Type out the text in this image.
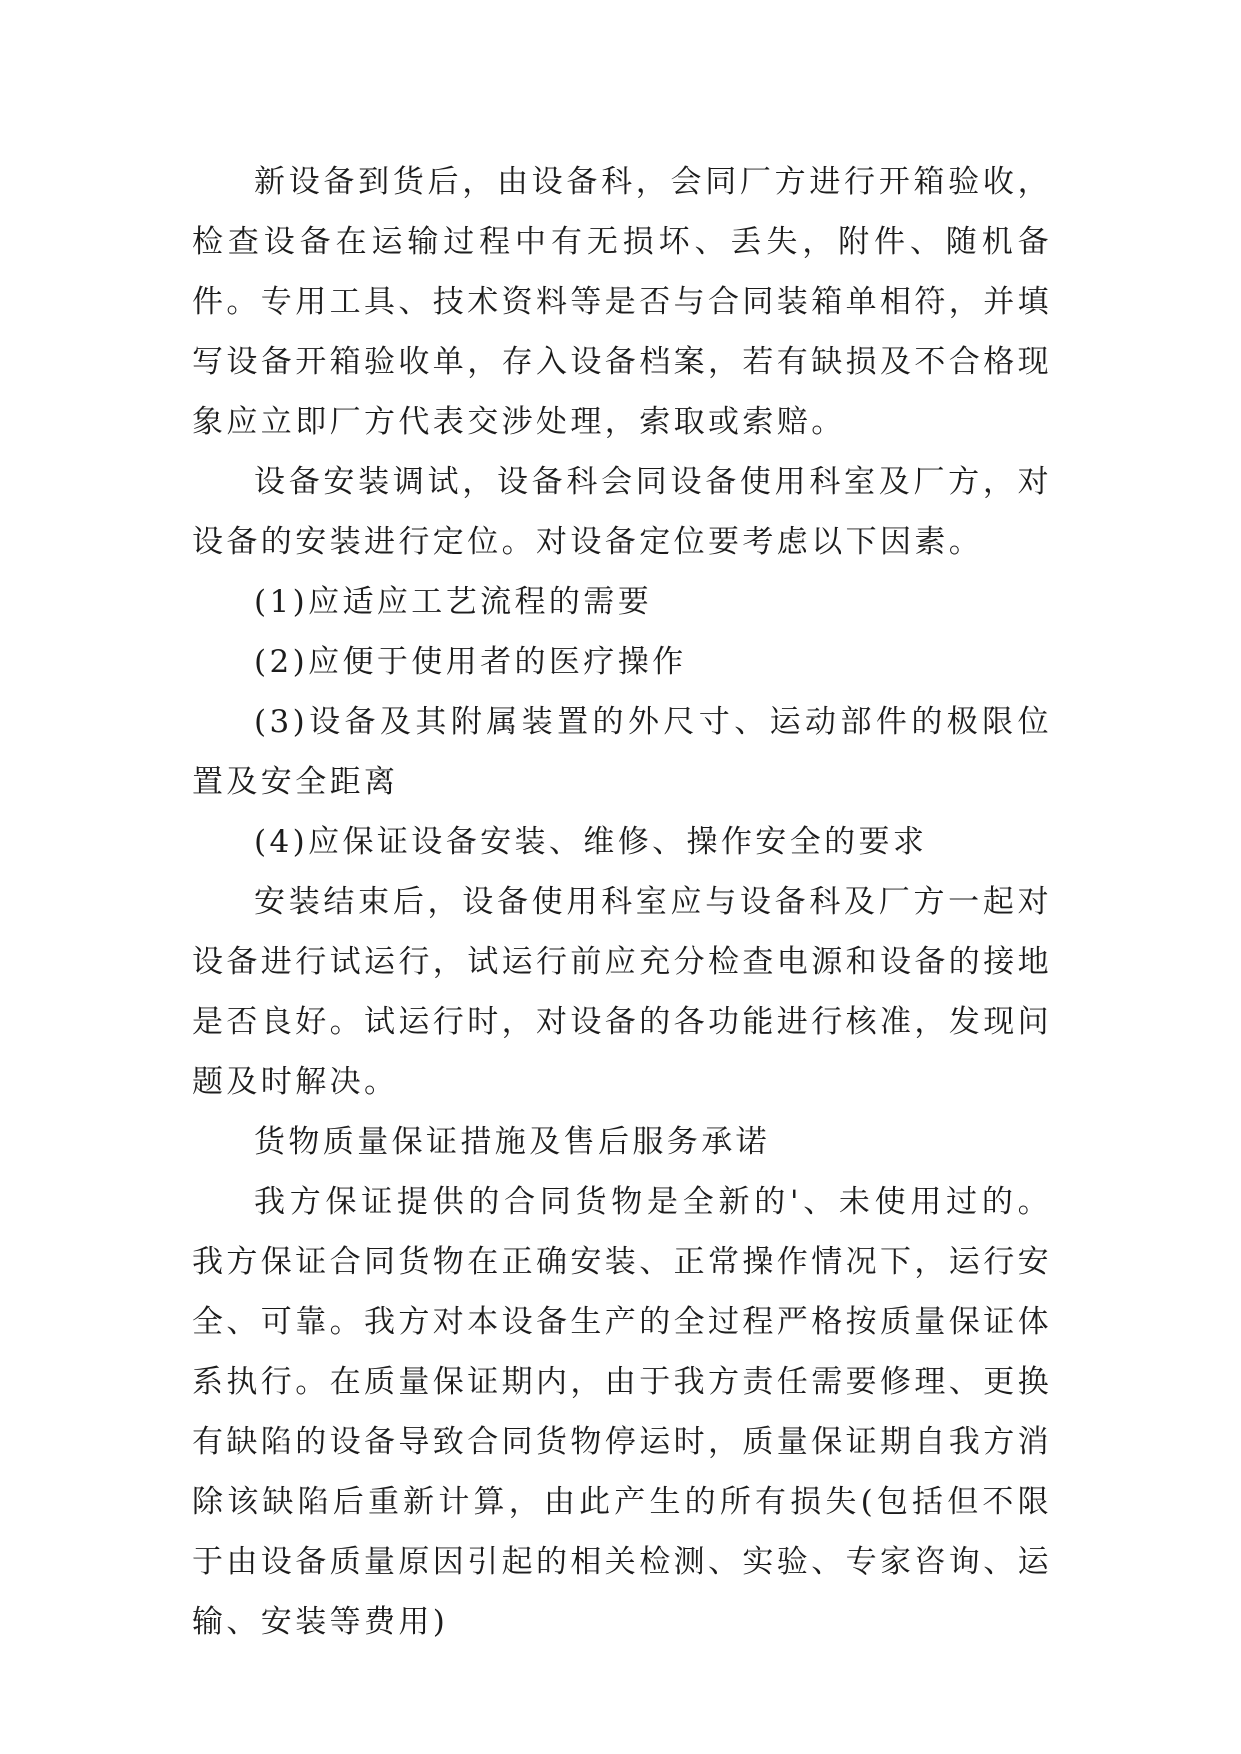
新设备到货后，由设备科，会同厂方进行开箱验收，检查设备在运输过程中有无损坏、丢失，附件、随机备件。专用工具、技术资料等是否与合同装箱单相符，并填写设备开箱验收单，存入设备档案，若有缺损及不合格现象应立即厂方代表交涉处理，索取或索赔。

设备安装调试，设备科会同设备使用科室及厂方，对设备的安装进行定位。对设备定位要考虑以下因素。

(1)应适应工艺流程的需要

(2)应便于使用者的医疗操作

(3)设备及其附属装置的外尺寸、运动部件的极限位置及安全距离

(4)应保证设备安装、维修、操作安全的要求

安装结束后，设备使用科室应与设备科及厂方一起对设备进行试运行，试运行前应充分检查电源和设备的接地是否良好。试运行时，对设备的各功能进行核准，发现问题及时解决。

货物质量保证措施及售后服务承诺

我方保证提供的合同货物是全新的'、未使用过的。我方保证合同货物在正确安装、正常操作情况下，运行安全、可靠。我方对本设备生产的全过程严格按质量保证体系执行。在质量保证期内，由于我方责任需要修理、更换有缺陷的设备导致合同货物停运时，质量保证期自我方消除该缺陷后重新计算，由此产生的所有损失(包括但不限于由设备质量原因引起的相关检测、实验、专家咨询、运输、安装等费用)
